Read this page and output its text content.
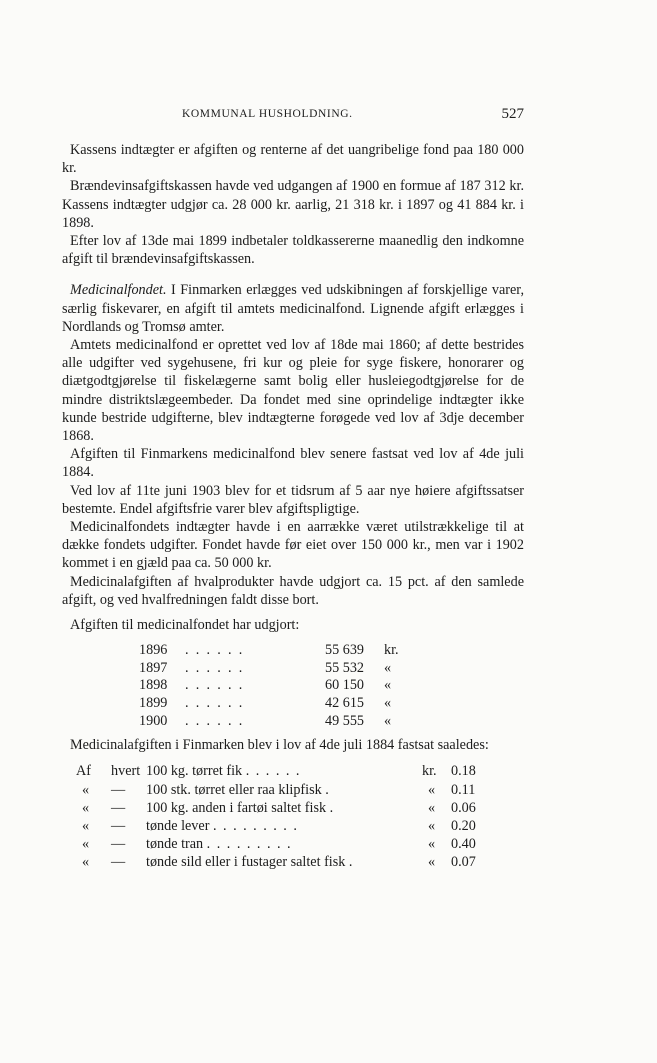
KOMMUNAL HUSHOLDNING.	527

Kassens indtægter er afgiften og renterne af det uangribelige fond paa 180 000 kr.

Brændevinsafgiftskassen havde ved udgangen af 1900 en formue af 187 312 kr. Kassens indtægter udgjør ca. 28 000 kr. aarlig, 21 318 kr. i 1897 og 41 884 kr. i 1898.

Efter lov af 13de mai 1899 indbetaler toldkassererne maanedlig den indkomne afgift til brændevinsafgiftskassen.

Medicinalfondet. I Finmarken erlægges ved udskibningen af forskjellige varer, særlig fiskevarer, en afgift til amtets medicinalfond. Lignende afgift erlægges i Nordlands og Tromsø amter.

Amtets medicinalfond er oprettet ved lov af 18de mai 1860; af dette bestrides alle udgifter ved sygehusene, fri kur og pleie for syge fiskere, honorarer og diætgodtgjørelse til fiskelægerne samt bolig eller husleiegodtgjørelse for de mindre distriktslægeembeder. Da fondet med sine oprindelige indtægter ikke kunde bestride udgifterne, blev indtægterne forøgede ved lov af 3dje december 1868.

Afgiften til Finmarkens medicinalfond blev senere fastsat ved lov af 4de juli 1884.

Ved lov af 11te juni 1903 blev for et tidsrum af 5 aar nye høiere afgiftssatser bestemte. Endel afgiftsfrie varer blev afgiftspligtige.

Medicinalfondets indtægter havde i en aarrække været utilstrækkelige til at dække fondets udgifter. Fondet havde før eiet over 150 000 kr., men var i 1902 kommet i en gjæld paa ca. 50 000 kr.

Medicinalafgiften af hvalprodukter havde udgjort ca. 15 pct. af den samlede afgift, og ved hvalfredningen faldt disse bort.

Afgiften til medicinalfondet har udgjort:

1896 ......	55 639 kr.
1897 ......	55 532 «
1898 ......	60 150 «
1899 ......	42 615 «
1900 ......	49 555 «

Medicinalafgiften i Finmarken blev i lov af 4de juli 1884 fastsat saaledes:

Af hvert 100 kg. tørret fik ......	kr. 0.18
« — 100 stk. tørret eller raa klipfisk .	« 0.11
« — 100 kg. anden i fartøi saltet fisk .	« 0.06
« — tønde lever .........	« 0.20
« — tønde tran .........	« 0.40
« — tønde sild eller i fustager saltet fisk .	« 0.07
